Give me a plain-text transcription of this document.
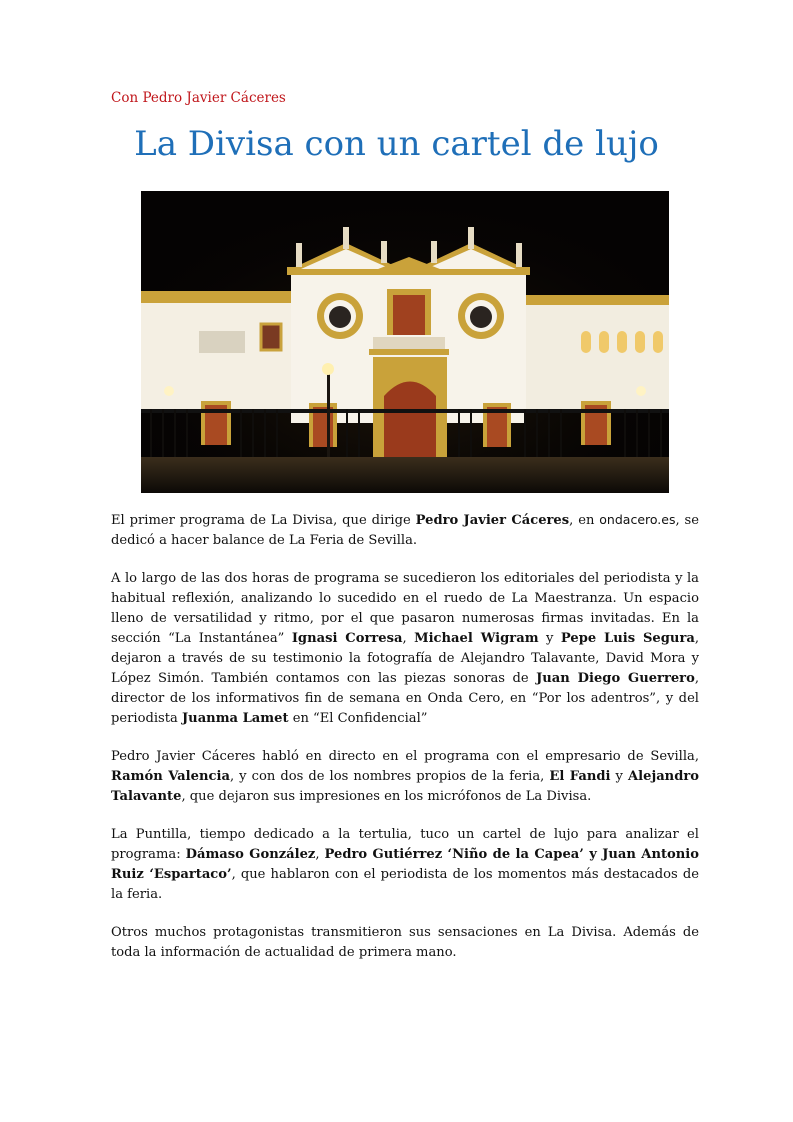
Con Pedro Javier Cáceres
La Divisa con un cartel de lujo

El primer programa de La Divisa, que dirige Pedro Javier Cáceres, en ondacero.es, se dedicó a hacer balance de La Feria de Sevilla.

A lo largo de las dos horas de programa se sucedieron los editoriales del periodista y la habitual reflexión, analizando lo sucedido en el ruedo de La Maestranza. Un espacio lleno de versatilidad y ritmo, por el que pasaron numerosas firmas invitadas. En la sección “La Instantánea” Ignasi Corresa, Michael Wigram y Pepe Luis Segura, dejaron a través de su testimonio la fotografía de Alejandro Talavante, David Mora y López Simón. También contamos con las piezas sonoras de Juan Diego Guerrero, director de los informativos fin de semana en Onda Cero, en “Por los adentros”, y del periodista Juanma Lamet en “El Confidencial”

Pedro Javier Cáceres habló en directo en el programa con el empresario de Sevilla, Ramón Valencia, y con dos de los nombres propios de la feria, El Fandi y Alejandro Talavante, que dejaron sus impresiones en los micrófonos de La Divisa.

La Puntilla, tiempo dedicado a la tertulia, tuco un cartel de lujo para analizar el programa: Dámaso González, Pedro Gutiérrez ‘Niño de la Capea’ y Juan Antonio Ruiz ‘Espartaco’, que hablaron con el periodista de los momentos más destacados de la feria.

Otros muchos protagonistas transmitieron sus sensaciones en La Divisa. Además de toda la información de actualidad de primera mano.
